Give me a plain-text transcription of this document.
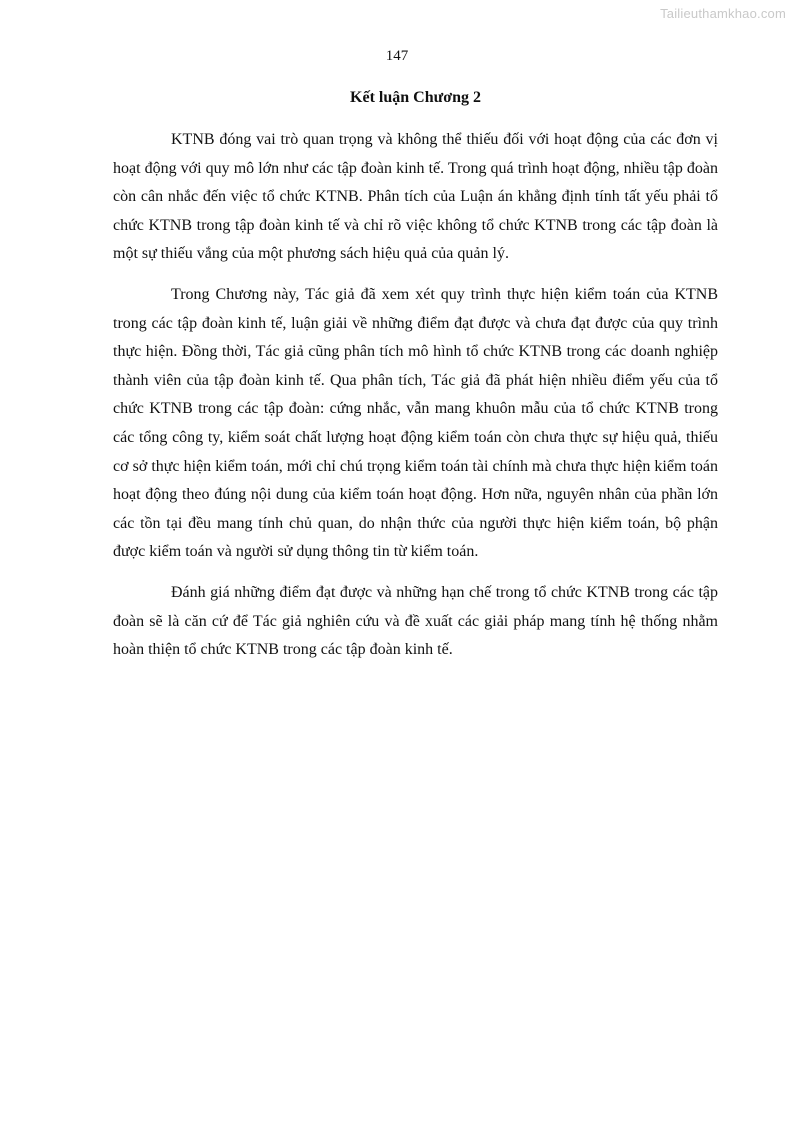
Tailieuthamkhao.com
147
Kết luận Chương 2

KTNB đóng vai trò quan trọng và không thể thiếu đối với hoạt động của các đơn vị hoạt động với quy mô lớn như các tập đoàn kinh tế. Trong quá trình hoạt động, nhiều tập đoàn còn cân nhắc đến việc tổ chức KTNB. Phân tích của Luận án khẳng định tính tất yếu phải tổ chức KTNB trong tập đoàn kinh tế và chỉ rõ việc không tổ chức KTNB trong các tập đoàn là một sự thiếu vắng của một phương sách hiệu quả của quản lý.

Trong Chương này, Tác giả đã xem xét quy trình thực hiện kiểm toán của KTNB trong các tập đoàn kinh tế, luận giải về những điểm đạt được và chưa đạt được của quy trình thực hiện. Đồng thời, Tác giả cũng phân tích mô hình tổ chức KTNB trong các doanh nghiệp thành viên của tập đoàn kinh tế. Qua phân tích, Tác giả đã phát hiện nhiều điểm yếu của tổ chức KTNB trong các tập đoàn: cứng nhắc, vẫn mang khuôn mẫu của tổ chức KTNB trong các tổng công ty, kiểm soát chất lượng hoạt động kiểm toán còn chưa thực sự hiệu quả, thiếu cơ sở thực hiện kiểm toán, mới chỉ chú trọng kiểm toán tài chính mà chưa thực hiện kiểm toán hoạt động theo đúng nội dung của kiểm toán hoạt động. Hơn nữa, nguyên nhân của phần lớn các tồn tại đều mang tính chủ quan, do nhận thức của người thực hiện kiểm toán, bộ phận được kiểm toán và người sử dụng thông tin từ kiểm toán.

Đánh giá những điểm đạt được và những hạn chế trong tổ chức KTNB trong các tập đoàn sẽ là căn cứ để Tác giả nghiên cứu và đề xuất các giải pháp mang tính hệ thống nhằm hoàn thiện tổ chức KTNB trong các tập đoàn kinh tế.
